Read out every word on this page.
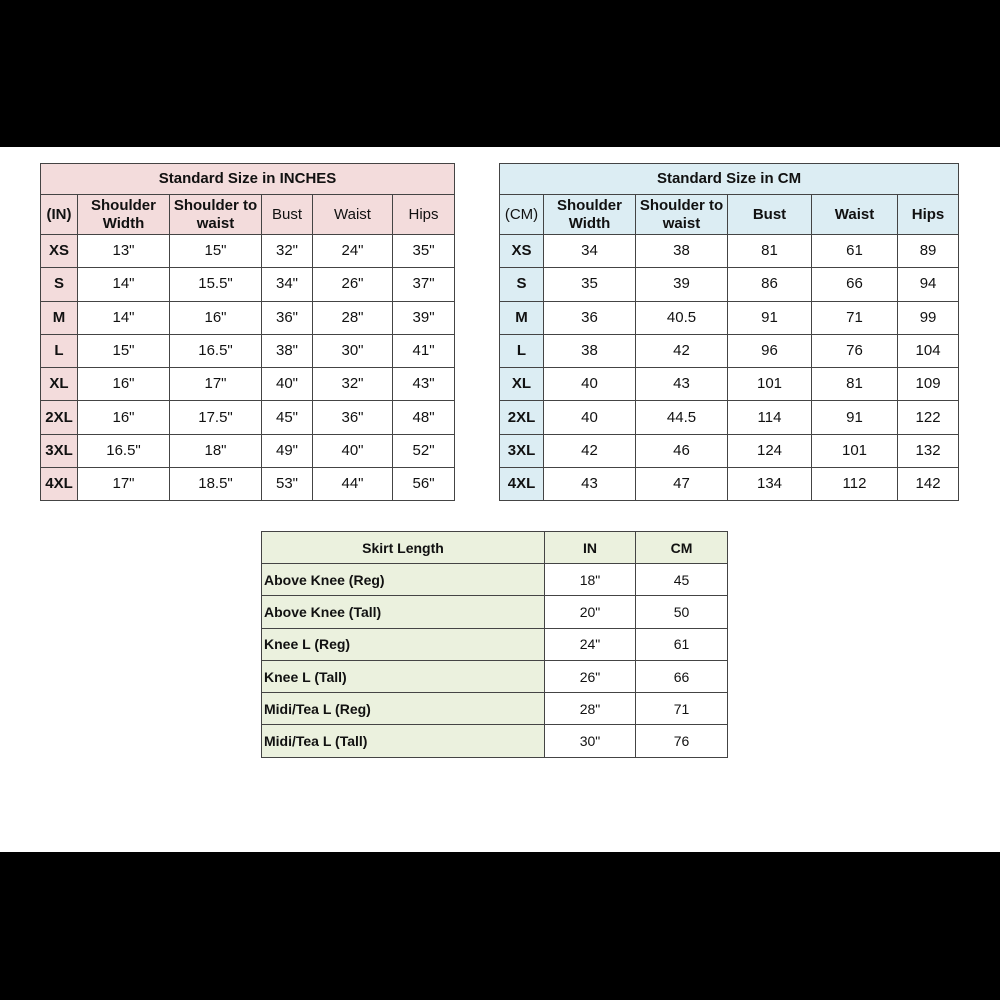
Standard Size in INCHES					
(IN)	Shoulder Width	Shoulder to waist	Bust	Waist	Hips
XS	13"	15"	32"	24"	35"
S	14"	15.5"	34"	26"	37"
M	14"	16"	36"	28"	39"
L	15"	16.5"	38"	30"	41"
XL	16"	17"	40"	32"	43"
2XL	16"	17.5"	45"	36"	48"
3XL	16.5"	18"	49"	40"	52"
4XL	17"	18.5"	53"	44"	56"
Standard Size in CM					
(CM)	Shoulder Width	Shoulder to waist	Bust	Waist	Hips
XS	34	38	81	61	89
S	35	39	86	66	94
M	36	40.5	91	71	99
L	38	42	96	76	104
XL	40	43	101	81	109
2XL	40	44.5	114	91	122
3XL	42	46	124	101	132
4XL	43	47	134	112	142
Skirt Length	IN	CM
Above Knee (Reg)	18"	45
Above Knee (Tall)	20"	50
Knee L (Reg)	24"	61
Knee L (Tall)	26"	66
Midi/Tea L (Reg)	28"	71
Midi/Tea L (Tall)	30"	76
